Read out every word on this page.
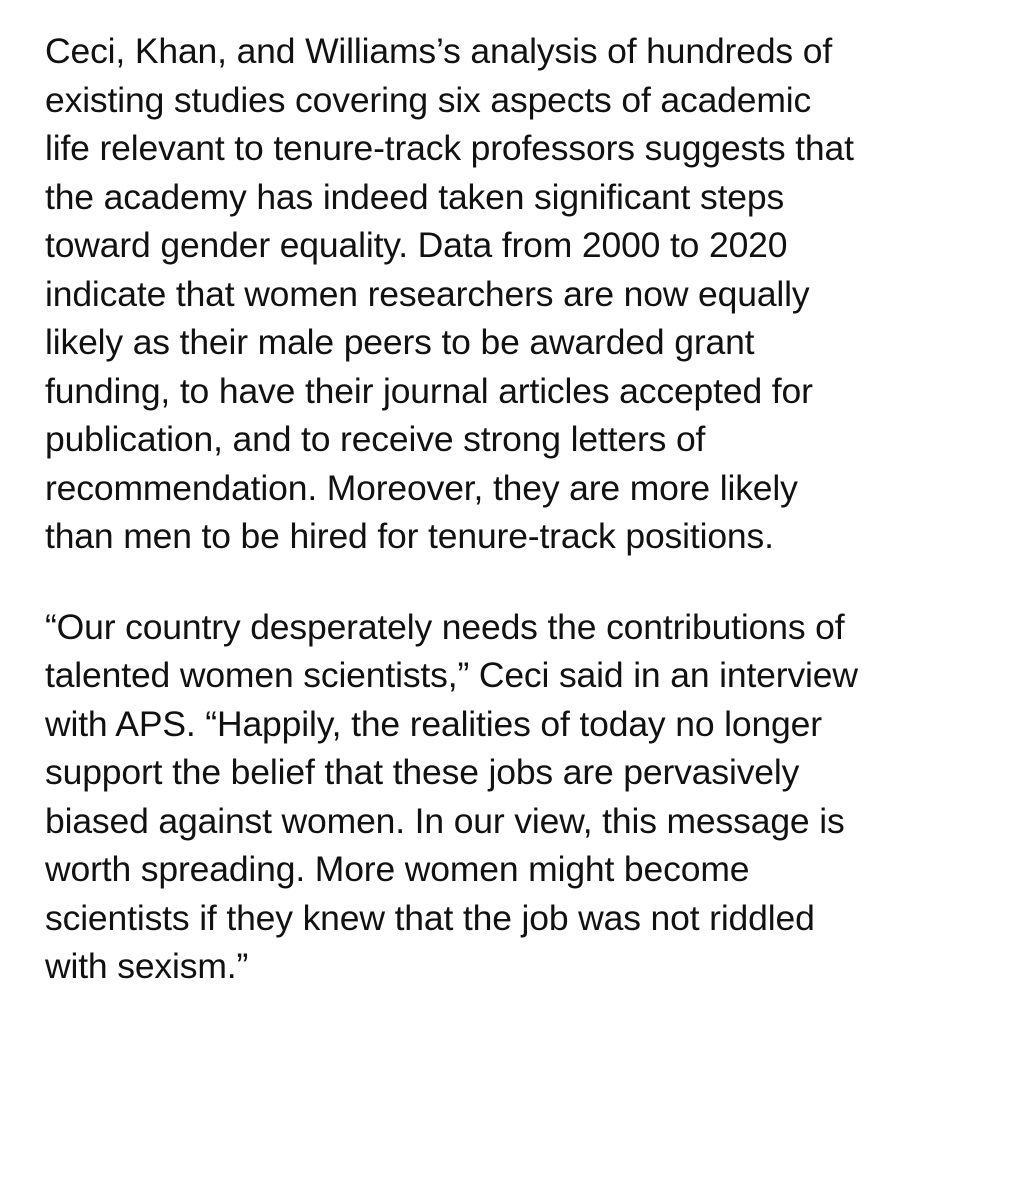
Ceci, Khan, and Williams’s analysis of hundreds of
existing studies covering six aspects of academic
life relevant to tenure-track professors suggests that
the academy has indeed taken significant steps
toward gender equality. Data from 2000 to 2020
indicate that women researchers are now equally
likely as their male peers to be awarded grant
funding, to have their journal articles accepted for
publication, and to receive strong letters of
recommendation. Moreover, they are more likely
than men to be hired for tenure-track positions.
“Our country desperately needs the contributions of
talented women scientists,” Ceci said in an interview
with APS. “Happily, the realities of today no longer
support the belief that these jobs are pervasively
biased against women. In our view, this message is
worth spreading. More women might become
scientists if they knew that the job was not riddled
with sexism.”
